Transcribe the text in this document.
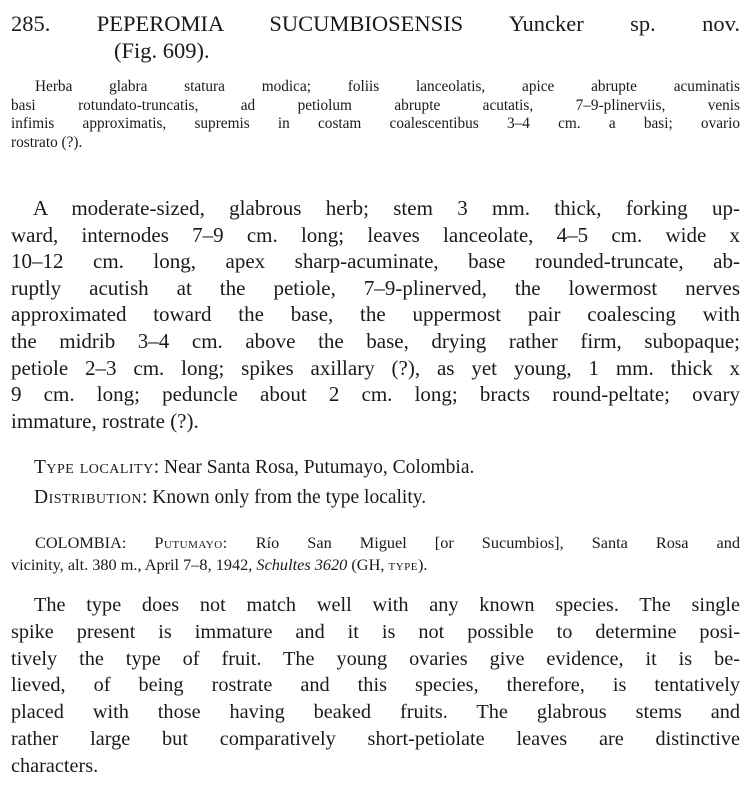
285. PEPEROMIA SUCUMBIOSENSIS Yuncker sp. nov.
(Fig. 609).
Herba glabra statura modica; foliis lanceolatis, apice abrupte acuminatis
basi rotundato-truncatis, ad petiolum abrupte acutatis, 7–9-plinerviis, venis
infimis approximatis, supremis in costam coalescentibus 3–4 cm. a basi; ovario
rostrato (?).
A moderate-sized, glabrous herb; stem 3 mm. thick, forking up-
ward, internodes 7–9 cm. long; leaves lanceolate, 4–5 cm. wide x
10–12 cm. long, apex sharp-acuminate, base rounded-truncate, ab-
ruptly acutish at the petiole, 7–9-plinerved, the lowermost nerves
approximated toward the base, the uppermost pair coalescing with
the midrib 3–4 cm. above the base, drying rather firm, subopaque;
petiole 2–3 cm. long; spikes axillary (?), as yet young, 1 mm. thick x
9 cm. long; peduncle about 2 cm. long; bracts round-peltate; ovary
immature, rostrate (?).
Type locality: Near Santa Rosa, Putumayo, Colombia.
Distribution: Known only from the type locality.
COLOMBIA: Putumayo: Río San Miguel [or Sucumbios], Santa Rosa and
vicinity, alt. 380 m., April 7–8, 1942, Schultes 3620 (GH, type).
The type does not match well with any known species. The single
spike present is immature and it is not possible to determine posi-
tively the type of fruit. The young ovaries give evidence, it is be-
lieved, of being rostrate and this species, therefore, is tentatively
placed with those having beaked fruits. The glabrous stems and
rather large but comparatively short-petiolate leaves are distinctive
characters.
